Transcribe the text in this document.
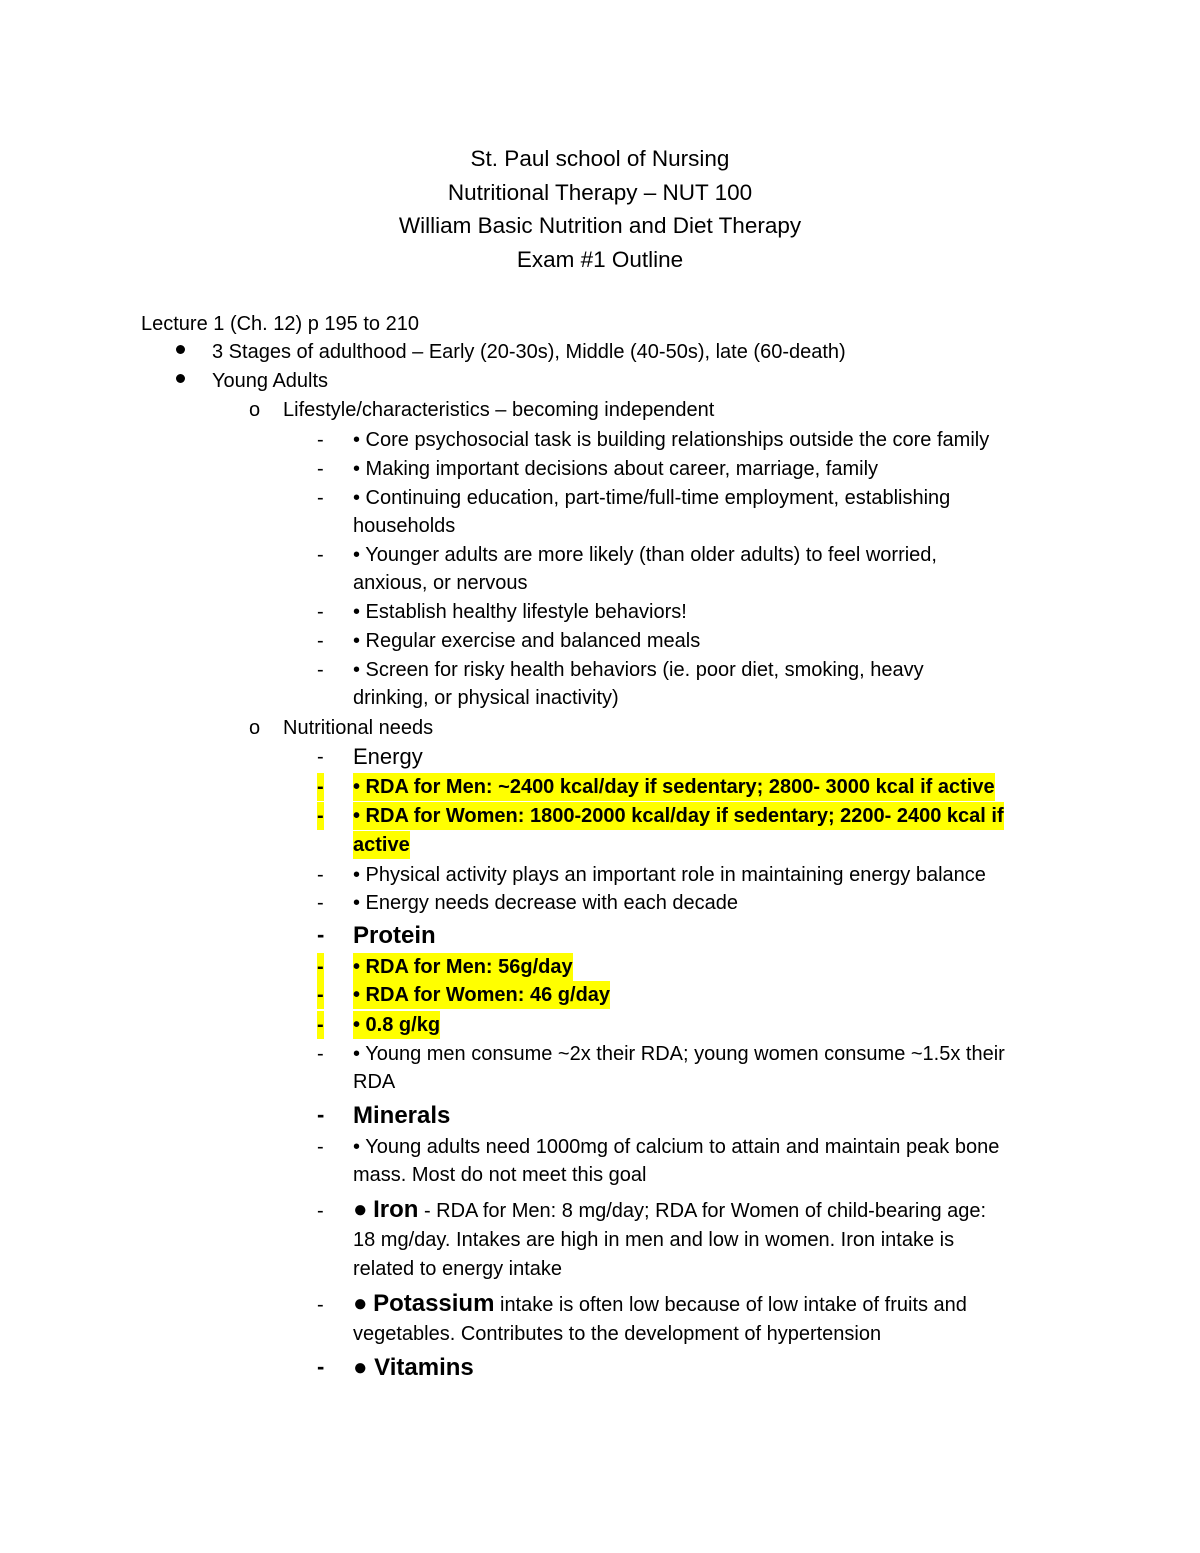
St. Paul school of Nursing
Nutritional Therapy – NUT 100
William Basic Nutrition and Diet Therapy
Exam #1 Outline
Lecture 1 (Ch. 12) p 195 to 210
3 Stages of adulthood – Early (20-30s), Middle (40-50s), late (60-death)
Young Adults
o Lifestyle/characteristics – becoming independent
- • Core psychosocial task is building relationships outside the core family
- • Making important decisions about career, marriage, family
- • Continuing education, part-time/full-time employment, establishing
households
- • Younger adults are more likely (than older adults) to feel worried,
anxious, or nervous
- • Establish healthy lifestyle behaviors!
- • Regular exercise and balanced meals
- • Screen for risky health behaviors (ie. poor diet, smoking, heavy
drinking, or physical inactivity)
o Nutritional needs
- Energy
- • RDA for Men: ~2400 kcal/day if sedentary; 2800- 3000 kcal if active
- • RDA for Women: 1800-2000 kcal/day if sedentary; 2200- 2400 kcal if
active
- • Physical activity plays an important role in maintaining energy balance
- • Energy needs decrease with each decade
- Protein
- • RDA for Men: 56g/day
- • RDA for Women: 46 g/day
- • 0.8 g/kg
- • Young men consume ~2x their RDA; young women consume ~1.5x their
RDA
- Minerals
- • Young adults need 1000mg of calcium to attain and maintain peak bone
mass. Most do not meet this goal
- ● Iron - RDA for Men: 8 mg/day; RDA for Women of child-bearing age:
18 mg/day. Intakes are high in men and low in women. Iron intake is
related to energy intake
- ● Potassium intake is often low because of low intake of fruits and
vegetables. Contributes to the development of hypertension
- ● Vitamins
